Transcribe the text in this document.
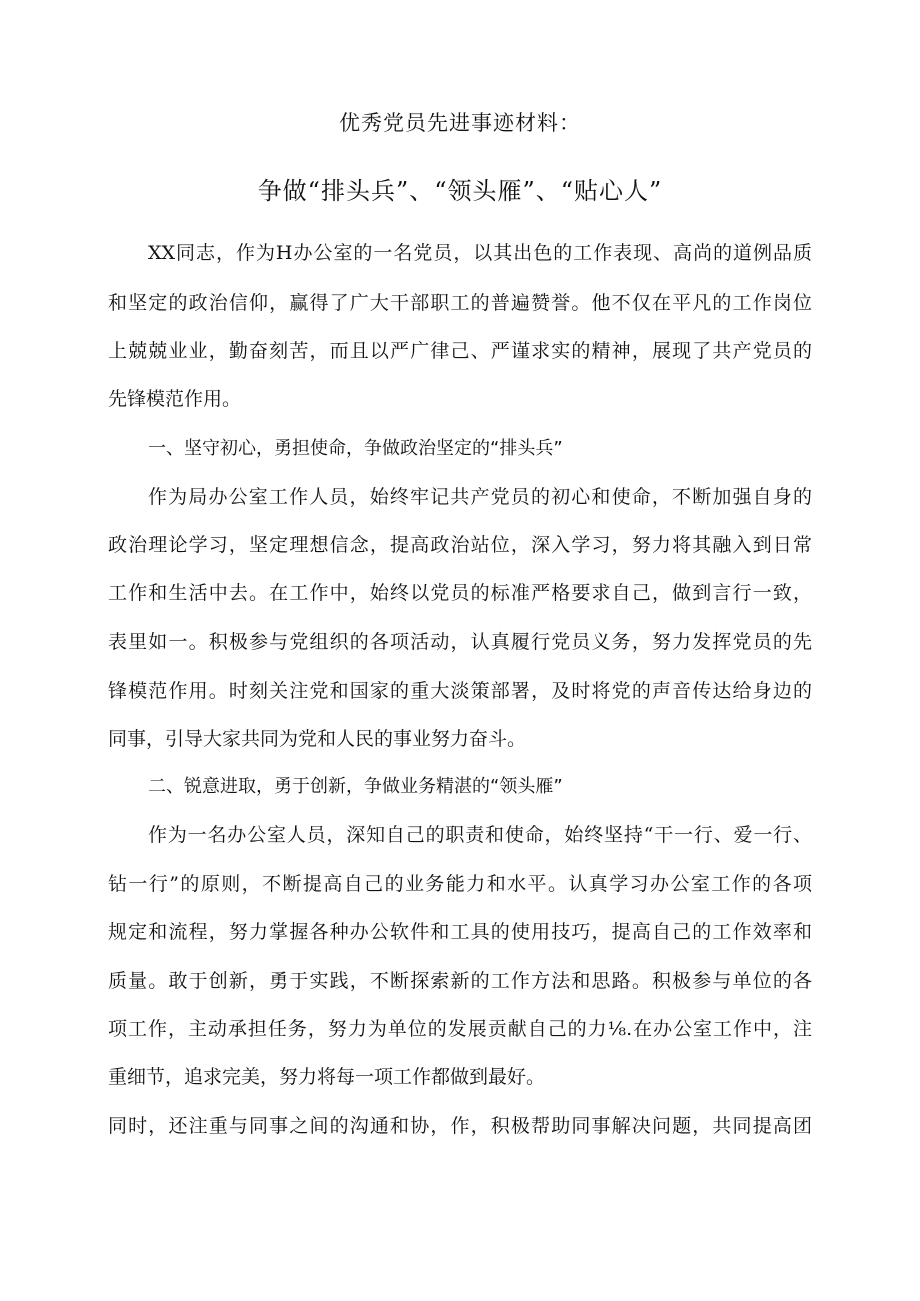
优秀党员先进事迹材料：
争做“排头兵”、“领头雁”、“贴心人”
XX同志，作为H办公室的一名党员，以其出色的工作表现、高尚的道例品质
和坚定的政治信仰，赢得了广大干部职工的普遍赞誉。他不仅在平凡的工作岗位
上兢兢业业，勤奋刻苦，而且以严广律己、严谨求实的精神，展现了共产党员的
先锋模范作用。
一、坚守初心，勇担使命，争做政治坚定的“排头兵”
作为局办公室工作人员，始终牢记共产党员的初心和使命，不断加强自身的
政治理论学习，坚定理想信念，提高政治站位，深入学习，努力将其融入到日常
工作和生活中去。在工作中，始终以党员的标准严格要求自己，做到言行一致，
表里如一。积极参与党组织的各项活动，认真履行党员义务，努力发挥党员的先
锋模范作用。时刻关注党和国家的重大淡策部署，及时将党的声音传达给身边的
同事，引导大家共同为党和人民的事业努力奋斗。
二、锐意进取，勇于创新，争做业务精湛的“领头雁”
作为一名办公室人员，深知自己的职责和使命，始终坚持“干一行、爱一行、
钻一行”的原则，不断提高自己的业务能力和水平。认真学习办公室工作的各项
规定和流程，努力掌握各种办公软件和工具的使用技巧，提高自己的工作效率和
质量。敢于创新，勇于实践，不断探索新的工作方法和思路。积极参与单位的各
项工作，主动承担任务，努力为单位的发展贡献自己的力⅛.在办公室工作中，注
重细节，追求完美，努力将每一项工作都做到最好。
同时，还注重与同事之间的沟通和协，作，积极帮助同事解决问题，共同提高团
